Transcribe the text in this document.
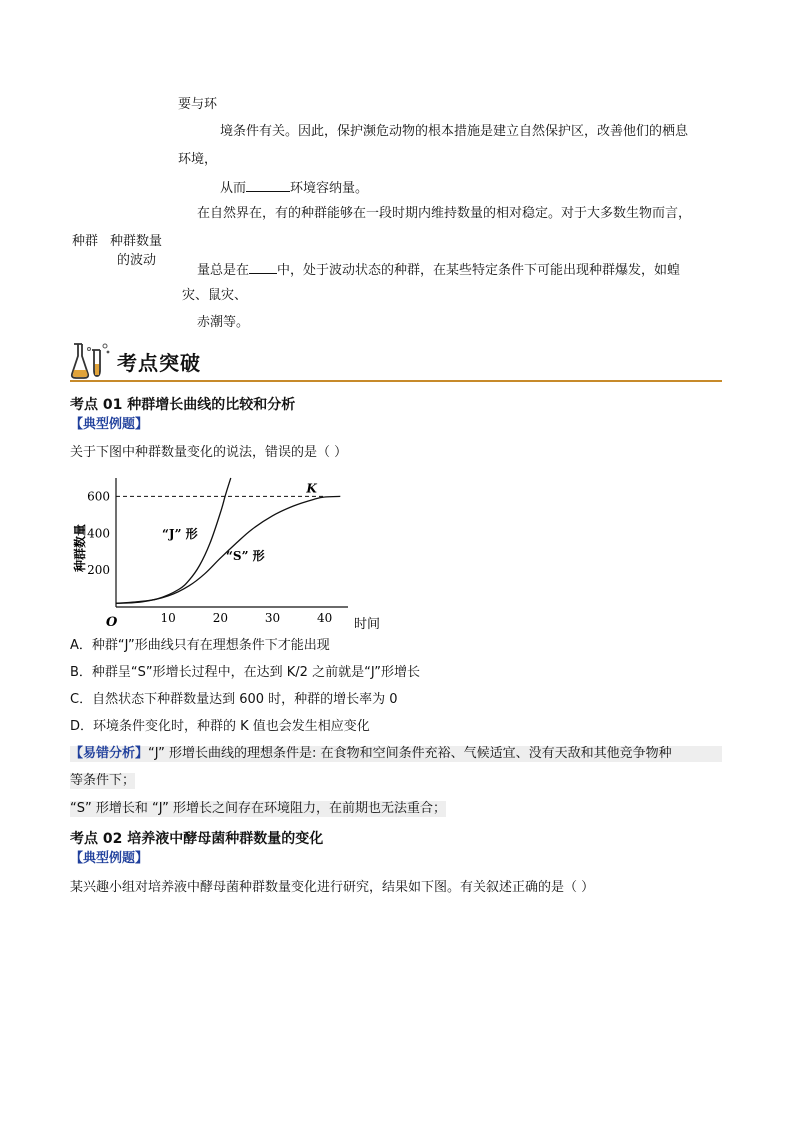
要与环
境条件有关。因此，保护濒危动物的根本措施是建立自然保护区，改善他们的栖息
环境，
从而	环境容纳量。
种群 种群数量
的波动
在自然界在，有的种群能够在一段时期内维持数量的相对稳定。对于大多数生物而言，
量总是在 中，处于波动状态的种群，在某些特定条件下可能出现种群爆发，如蝗
灾、鼠灾、
赤潮等。
考点突破
考点 01 种群增长曲线的比较和分析
【典型例题】
关于下图中种群数量变化的说法，错误的是（ ）
种群数量
时间
O
K
10	20	30	40
200
400
600
“J” 形
“S” 形
A．种群“J”形曲线只有在理想条件下才能出现
B．种群呈“S”形增长过程中，在达到 K/2 之前就是“J”形增长
C．自然状态下种群数量达到 600 时，种群的增长率为 0
D．环境条件变化时，种群的 K 值也会发生相应变化
【易错分析】“J” 形增长曲线的理想条件是: 在食物和空间条件充裕、气候适宜、没有天敌和其他竞争物种
等条件下；
“S” 形增长和 “J” 形增长之间存在环境阻力，在前期也无法重合；
考点 02 培养液中酵母菌种群数量的变化
【典型例题】
某兴趣小组对培养液中酵母菌种群数量变化进行研究，结果如下图。有关叙述正确的是（ ）
